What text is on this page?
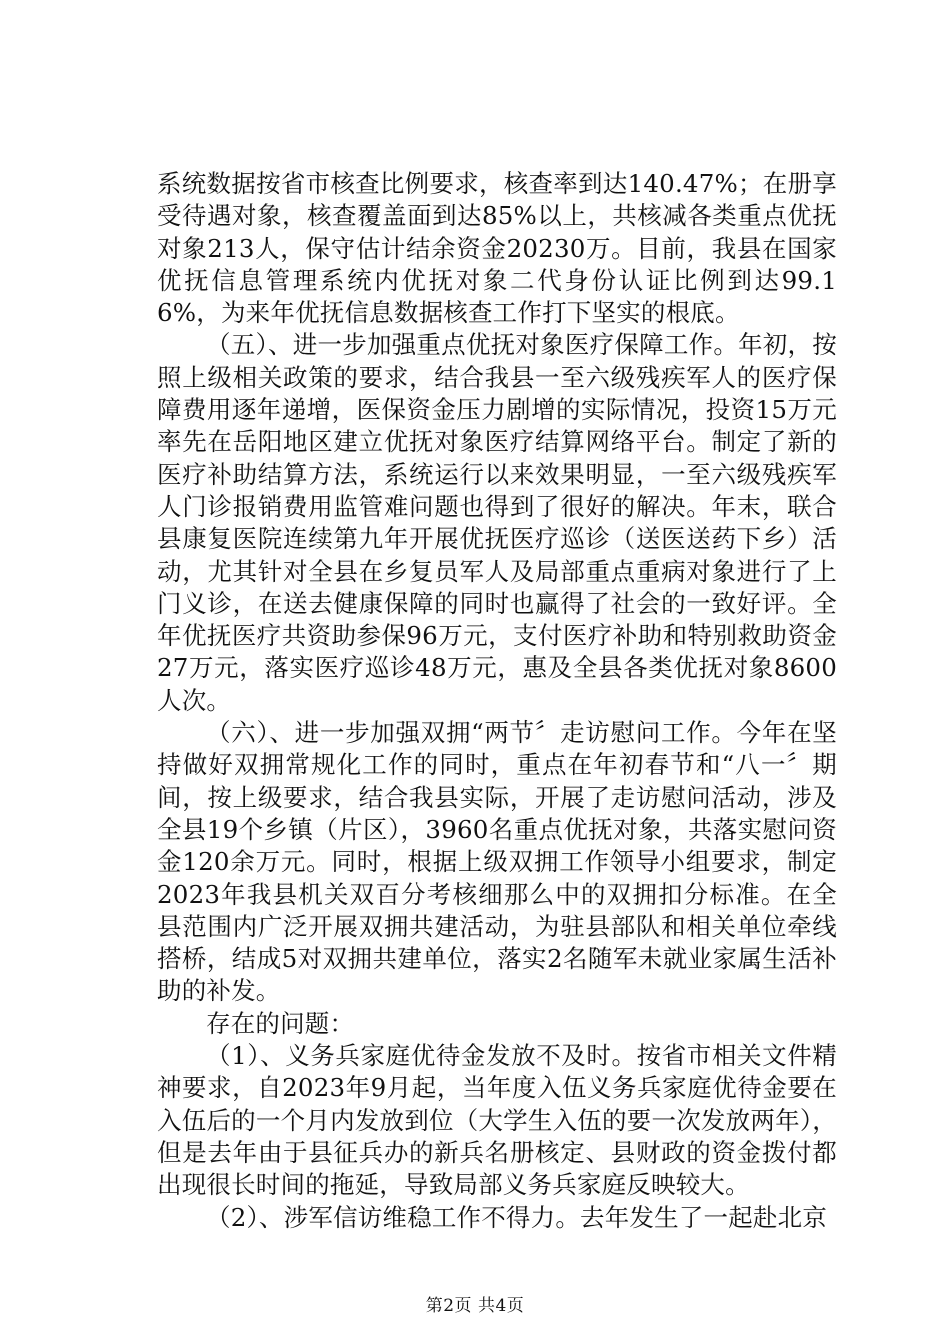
系统数据按省市核查比例要求，核查率到达140.47%；在册享受待遇对象，核查覆盖面到达85%以上，共核减各类重点优抚对象213人，保守估计结余资金20230万。目前，我县在国家优抚信息管理系统内优抚对象二代身份认证比例到达99.16%，为来年优抚信息数据核查工作打下坚实的根底。

（五）、进一步加强重点优抚对象医疗保障工作。年初，按照上级相关政策的要求，结合我县一至六级残疾军人的医疗保障费用逐年递增，医保资金压力剧增的实际情况，投资15万元率先在岳阳地区建立优抚对象医疗结算网络平台。制定了新的医疗补助结算方法，系统运行以来效果明显，一至六级残疾军人门诊报销费用监管难问题也得到了很好的解决。年末，联合县康复医院连续第九年开展优抚医疗巡诊（送医送药下乡）活动，尤其针对全县在乡复员军人及局部重点重病对象进行了上门义诊，在送去健康保障的同时也赢得了社会的一致好评。全年优抚医疗共资助参保96万元，支付医疗补助和特别救助资金27万元，落实医疗巡诊48万元，惠及全县各类优抚对象8600人次。

（六）、进一步加强双拥“两节〞走访慰问工作。今年在坚持做好双拥常规化工作的同时，重点在年初春节和“八一〞期间，按上级要求，结合我县实际，开展了走访慰问活动，涉及全县19个乡镇（片区），3960名重点优抚对象，共落实慰问资金120余万元。同时，根据上级双拥工作领导小组要求，制定2023年我县机关双百分考核细那么中的双拥扣分标准。在全县范围内广泛开展双拥共建活动，为驻县部队和相关单位牵线搭桥，结成5对双拥共建单位，落实2名随军未就业家属生活补助的补发。

存在的问题：

（1）、义务兵家庭优待金发放不及时。按省市相关文件精神要求，自2023年9月起，当年度入伍义务兵家庭优待金要在入伍后的一个月内发放到位（大学生入伍的要一次发放两年），但是去年由于县征兵办的新兵名册核定、县财政的资金拨付都出现很长时间的拖延，导致局部义务兵家庭反映较大。

（2）、涉军信访维稳工作不得力。去年发生了一起赴北京

第2页 共4页
